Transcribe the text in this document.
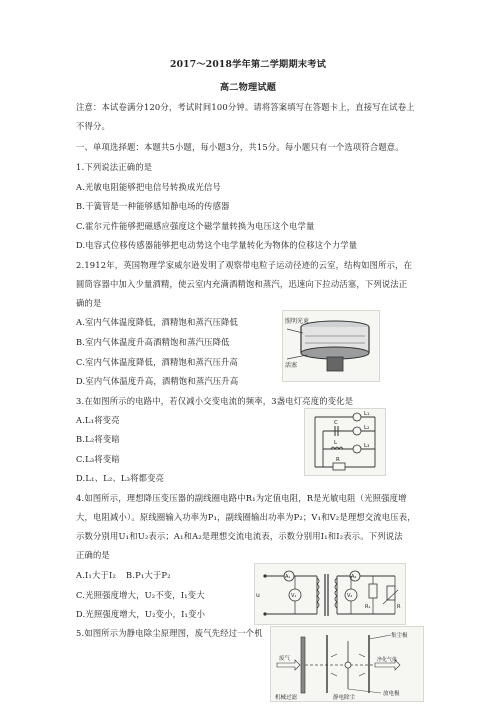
2017～2018学年第二学期期末考试
高二物理试题
注意：本试卷满分120分，考试时间100分钟。请将答案填写在答题卡上，直接写在试卷上
不得分。
一、单项选择题：本题共5小题，每小题3分，共15分。每小题只有一个选项符合题意。
1.下列说法正确的是
A.光敏电阻能够把电信号转换成光信号
B.干簧管是一种能够感知静电场的传感器
C.霍尔元件能够把磁感应强度这个磁学量转换为电压这个电学量
D.电容式位移传感器能够把电动势这个电学量转化为物体的位移这个力学量
2.1912年，英国物理学家威尔逊发明了观察带电粒子运动径迹的云室，结构如图所示，在
圆筒容器中加入少量酒精，使云室内充满酒精饱和蒸汽，迅速向下拉动活塞，下列说法正
确的是
A.室内气体温度降低，酒精饱和蒸汽压降低
B.室内气体温度升高酒精饱和蒸汽压降低
C.室内气体温度降低，酒精饱和蒸汽压升高
D.室内气体温度升高，酒精饱和蒸汽压升高
照明光束
活塞
3.在如图所示的电路中，若仅减小交变电流的频率，3盏电灯亮度的变化是
A.L₁将变亮
B.L₂将变暗
C.L₃将变暗
D.L₁、L₂、L₃将都变亮
L₁
L₂
L₃
C
L
R
4.如图所示，理想降压变压器的副线圈电路中R₁为定值电阻，R是光敏电阻（光照强度增
大，电阻减小）。原线圈输入功率为P₁，副线圈输出功率为P₂；V₁和V₂是理想交流电压表，
示数分别用U₁和U₂表示；A₁和A₂是理想交流电流表，示数分别用I₁和I₂表示。下列说法
正确的是
A.I₁大于I₂ B.P₁大于P₂
C.光照强度增大，U₂不变，I₁变大
D.光照强度增大，U₂变小，I₁变小
u	V₁	V₂
A₁	A₂
R₁	R
5.如图所示为静电除尘原理图，废气先经过一个机	集尘极
废气	净化气体
机械过滤	静电除尘
放电极
